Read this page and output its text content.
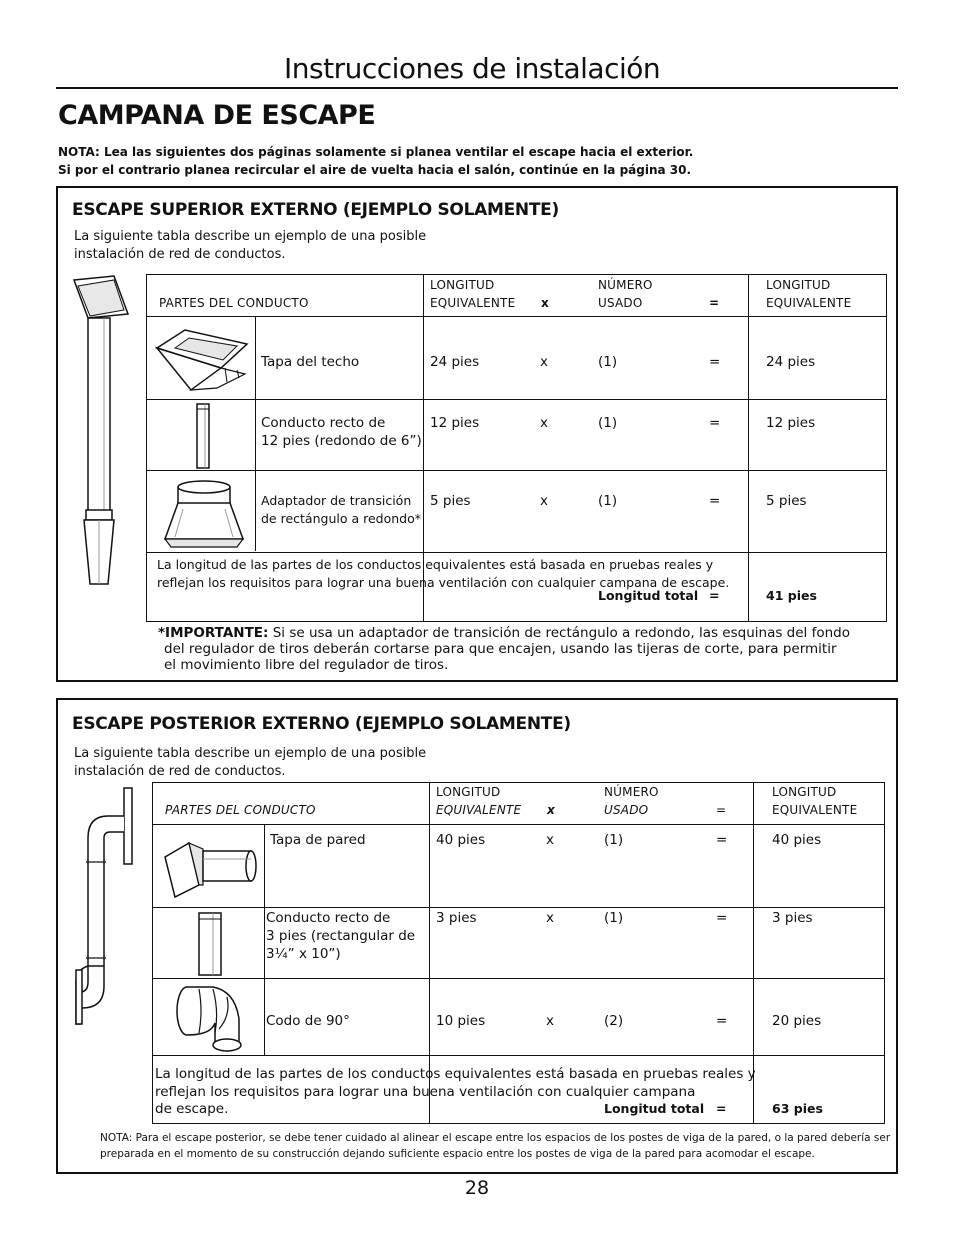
Instrucciones de instalación
CAMPANA DE ESCAPE
NOTA: Lea las siguientes dos páginas solamente si planea ventilar el escape hacia el exterior.
Si por el contrario planea recircular el aire de vuelta hacia el salón, continúe en la página 30.
ESCAPE SUPERIOR EXTERNO (EJEMPLO SOLAMENTE)
La siguiente tabla describe un ejemplo de una posible
instalación de red de conductos.
PARTES DEL CONDUCTO
LONGITUD
EQUIVALENTE x
NÚMERO
USADO	=
LONGITUD
EQUIVALENTE
Tapa del techo	24 pies	x	(1)	=	24 pies
Conducto recto de
12 pies (redondo de 6”)
12 pies	x	(1)	=	12 pies
Adaptador de transición
de rectángulo a redondo*
5 pies	x	(1)	=	5 pies
La longitud de las partes de los conductos equivalentes está basada en pruebas reales y
reflejan los requisitos para lograr una buena ventilación con cualquier campana de escape.
Longitud total =	41 pies
*IMPORTANTE: Si se usa un adaptador de transición de rectángulo a redondo, las esquinas del fondo
del regulador de tiros deberán cortarse para que encajen, usando las tijeras de corte, para permitir
el movimiento libre del regulador de tiros.
ESCAPE POSTERIOR EXTERNO (EJEMPLO SOLAMENTE)
La siguiente tabla describe un ejemplo de una posible
instalación de red de conductos.
PARTES DEL CONDUCTO
LONGITUD
EQUIVALENTE x
NÚMERO
USADO	=
LONGITUD
EQUIVALENTE
Tapa de pared	40 pies	x	(1)	=	40 pies
Conducto recto de
3 pies (rectangular de
3¼” x 10”)
3 pies	x	(1)	=	3 pies
Codo de 90°	10 pies	x	(2)	=	20 pies
La longitud de las partes de los conductos equivalentes está basada en pruebas reales y
reflejan los requisitos para lograr una buena ventilación con cualquier campana
de escape.	Longitud total =	63 pies
NOTA: Para el escape posterior, se debe tener cuidado al alinear el escape entre los espacios de los postes de viga de la pared, o la pared debería ser
preparada en el momento de su construcción dejando suficiente espacio entre los postes de viga de la pared para acomodar el escape.
28
